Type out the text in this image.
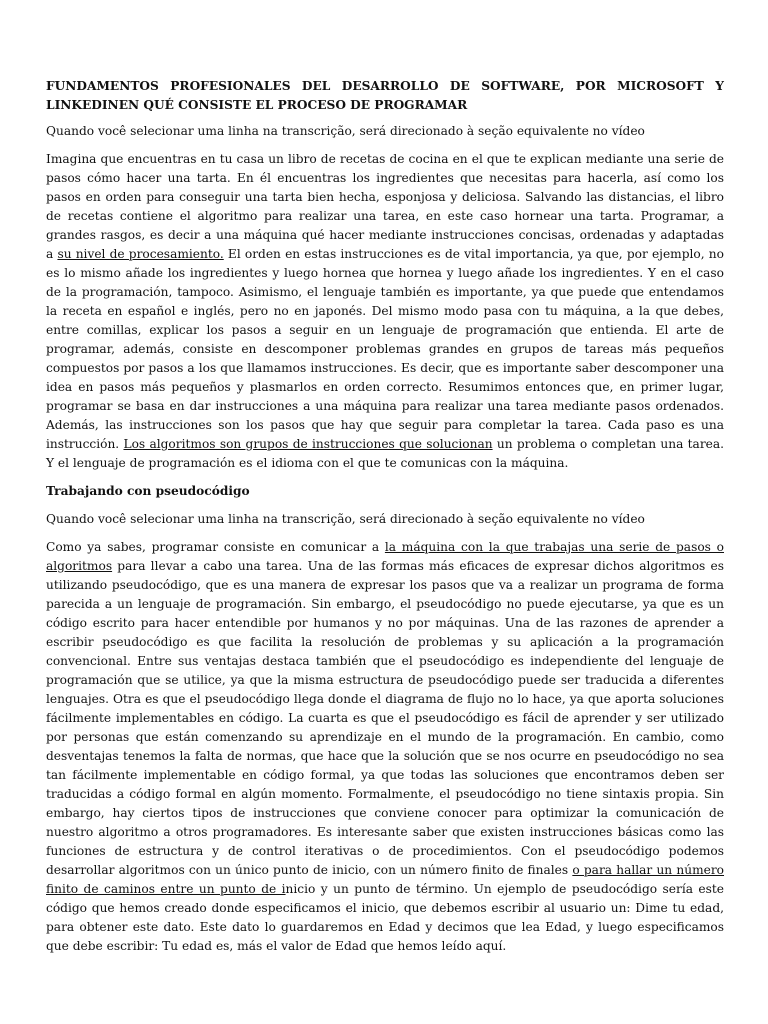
FUNDAMENTOS PROFESIONALES DEL DESARROLLO DE SOFTWARE, POR MICROSOFT Y LINKEDINEN QUÉ CONSISTE EL PROCESO DE PROGRAMAR

Quando você selecionar uma linha na transcrição, será direcionado à seção equivalente no vídeo

Imagina que encuentras en tu casa un libro de recetas de cocina en el que te explican mediante una serie de pasos cómo hacer una tarta. En él encuentras los ingredientes que necesitas para hacerla, así como los pasos en orden para conseguir una tarta bien hecha, esponjosa y deliciosa. Salvando las distancias, el libro de recetas contiene el algoritmo para realizar una tarea, en este caso hornear una tarta. Programar, a grandes rasgos, es decir a una máquina qué hacer mediante instrucciones concisas, ordenadas y adaptadas a su nivel de procesamiento. El orden en estas instrucciones es de vital importancia, ya que, por ejemplo, no es lo mismo añade los ingredientes y luego hornea que hornea y luego añade los ingredientes. Y en el caso de la programación, tampoco. Asimismo, el lenguaje también es importante, ya que puede que entendamos la receta en español e inglés, pero no en japonés. Del mismo modo pasa con tu máquina, a la que debes, entre comillas, explicar los pasos a seguir en un lenguaje de programación que entienda. El arte de programar, además, consiste en descomponer problemas grandes en grupos de tareas más pequeños compuestos por pasos a los que llamamos instrucciones. Es decir, que es importante saber descomponer una idea en pasos más pequeños y plasmarlos en orden correcto. Resumimos entonces que, en primer lugar, programar se basa en dar instrucciones a una máquina para realizar una tarea mediante pasos ordenados. Además, las instrucciones son los pasos que hay que seguir para completar la tarea. Cada paso es una instrucción. Los algoritmos son grupos de instrucciones que solucionan un problema o completan una tarea. Y el lenguaje de programación es el idioma con el que te comunicas con la máquina.

Trabajando con pseudocódigo

Quando você selecionar uma linha na transcrição, será direcionado à seção equivalente no vídeo

Como ya sabes, programar consiste en comunicar a la máquina con la que trabajas una serie de pasos o algoritmos para llevar a cabo una tarea. Una de las formas más eficaces de expresar dichos algoritmos es utilizando pseudocódigo, que es una manera de expresar los pasos que va a realizar un programa de forma parecida a un lenguaje de programación. Sin embargo, el pseudocódigo no puede ejecutarse, ya que es un código escrito para hacer entendible por humanos y no por máquinas. Una de las razones de aprender a escribir pseudocódigo es que facilita la resolución de problemas y su aplicación a la programación convencional. Entre sus ventajas destaca también que el pseudocódigo es independiente del lenguaje de programación que se utilice, ya que la misma estructura de pseudocódigo puede ser traducida a diferentes lenguajes. Otra es que el pseudocódigo llega donde el diagrama de flujo no lo hace, ya que aporta soluciones fácilmente implementables en código. La cuarta es que el pseudocódigo es fácil de aprender y ser utilizado por personas que están comenzando su aprendizaje en el mundo de la programación. En cambio, como desventajas tenemos la falta de normas, que hace que la solución que se nos ocurre en pseudocódigo no sea tan fácilmente implementable en código formal, ya que todas las soluciones que encontramos deben ser traducidas a código formal en algún momento. Formalmente, el pseudocódigo no tiene sintaxis propia. Sin embargo, hay ciertos tipos de instrucciones que conviene conocer para optimizar la comunicación de nuestro algoritmo a otros programadores. Es interesante saber que existen instrucciones básicas como las funciones de estructura y de control iterativas o de procedimientos. Con el pseudocódigo podemos desarrollar algoritmos con un único punto de inicio, con un número finito de finales o para hallar un número finito de caminos entre un punto de inicio y un punto de término. Un ejemplo de pseudocódigo sería este código que hemos creado donde especificamos el inicio, que debemos escribir al usuario un: Dime tu edad, para obtener este dato. Este dato lo guardaremos en Edad y decimos que lea Edad, y luego especificamos que debe escribir: Tu edad es, más el valor de Edad que hemos leído aquí.
